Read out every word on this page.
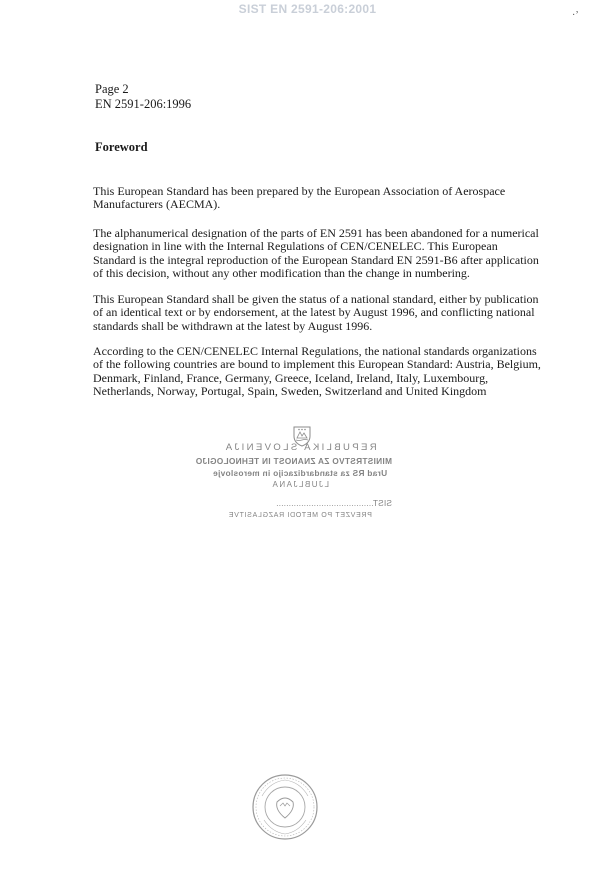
SIST EN 2591-206:2001	·ʼ
Page 2
EN 2591-206:1996
Foreword

This European Standard has been prepared by the European Association of Aerospace Manufacturers (AECMA).

The alphanumerical designation of the parts of EN 2591 has been abandoned for a numerical designation in line with the Internal Regulations of CEN/CENELEC. This European Standard is the integral reproduction of the European Standard EN 2591-B6 after application of this decision, without any other modification than the change in numbering.

This European Standard shall be given the status of a national standard, either by publication of an identical text or by endorsement, at the latest by August 1996, and conflicting national standards shall be withdrawn at the latest by August 1996.

According to the CEN/CENELEC Internal Regulations, the national standards organizations of the following countries are bound to implement this European Standard: Austria, Belgium, Denmark, Finland, France, Germany, Greece, Iceland, Ireland, Italy, Luxembourg, Netherlands, Norway, Portugal, Spain, Sweden, Switzerland and United Kingdom

REPUBLIKA SLOVENIJA
MINISTRSTVO ZA ZNANOST IN TEHNOLOGIJO
Urad RS za standardizacijo in meroslovje
LJUBLJANA
SIST.......................................
PREVZET PO METODI RAZGLASITVE
